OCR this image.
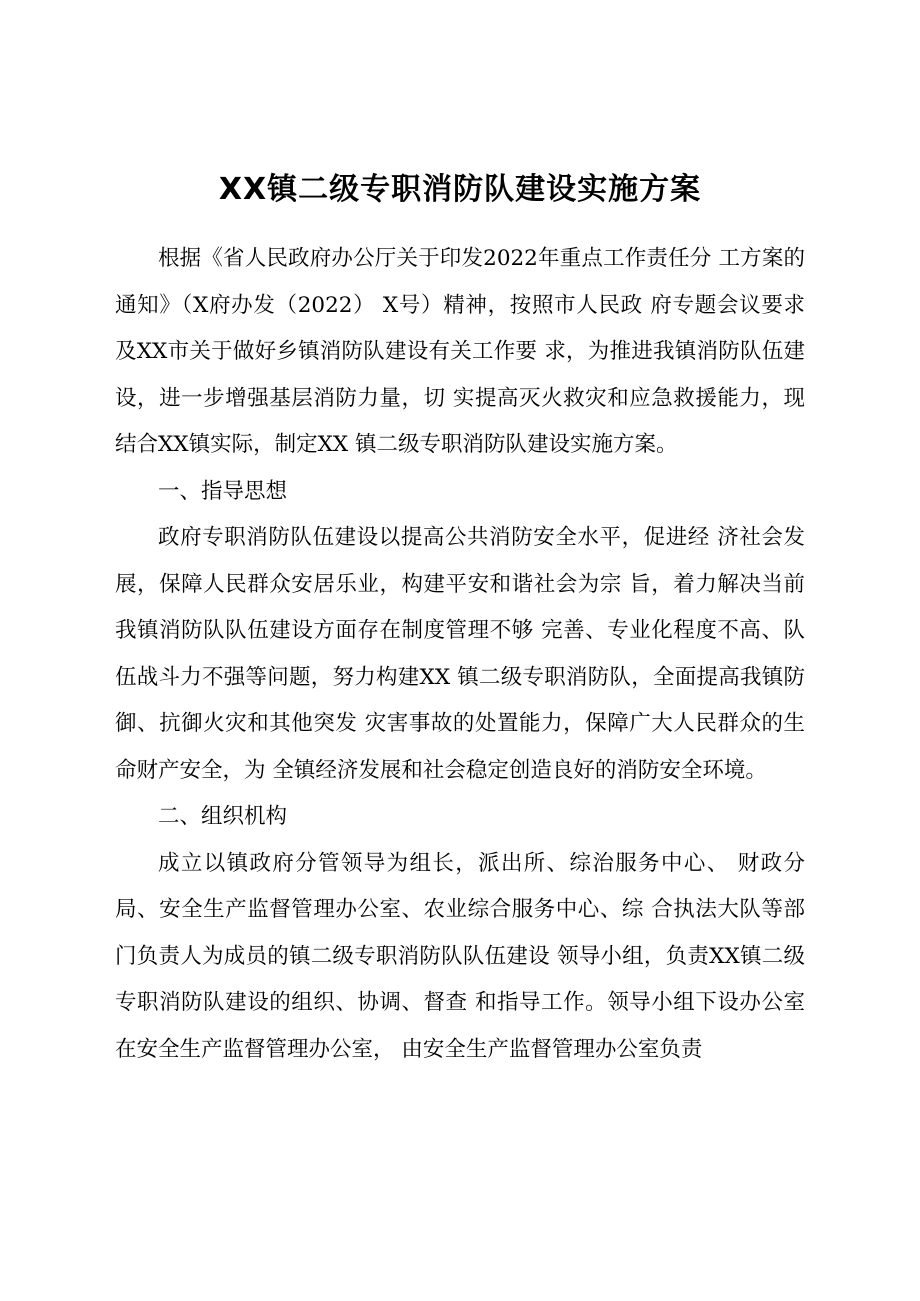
XX镇二级专职消防队建设实施方案

根据《省人民政府办公厅关于印发2022年重点工作责任分 工方案的通知》（X府办发（2022） X号）精神，按照市人民政 府专题会议要求及XX市关于做好乡镇消防队建设有关工作要 求，为推进我镇消防队伍建设，进一步增强基层消防力量，切 实提高灭火救灾和应急救援能力，现结合XX镇实际，制定XX 镇二级专职消防队建设实施方案。

一、指导思想

政府专职消防队伍建设以提高公共消防安全水平，促进经 济社会发展，保障人民群众安居乐业，构建平安和谐社会为宗 旨，着力解决当前我镇消防队队伍建设方面存在制度管理不够 完善、专业化程度不高、队伍战斗力不强等问题，努力构建XX 镇二级专职消防队，全面提高我镇防御、抗御火灾和其他突发 灾害事故的处置能力，保障广大人民群众的生命财产安全，为 全镇经济发展和社会稳定创造良好的消防安全环境。

二、组织机构

成立以镇政府分管领导为组长，派出所、综治服务中心、 财政分局、安全生产监督管理办公室、农业综合服务中心、综 合执法大队等部门负责人为成员的镇二级专职消防队队伍建设 领导小组，负责XX镇二级专职消防队建设的组织、协调、督查 和指导工作。领导小组下设办公室在安全生产监督管理办公室， 由安全生产监督管理办公室负责
